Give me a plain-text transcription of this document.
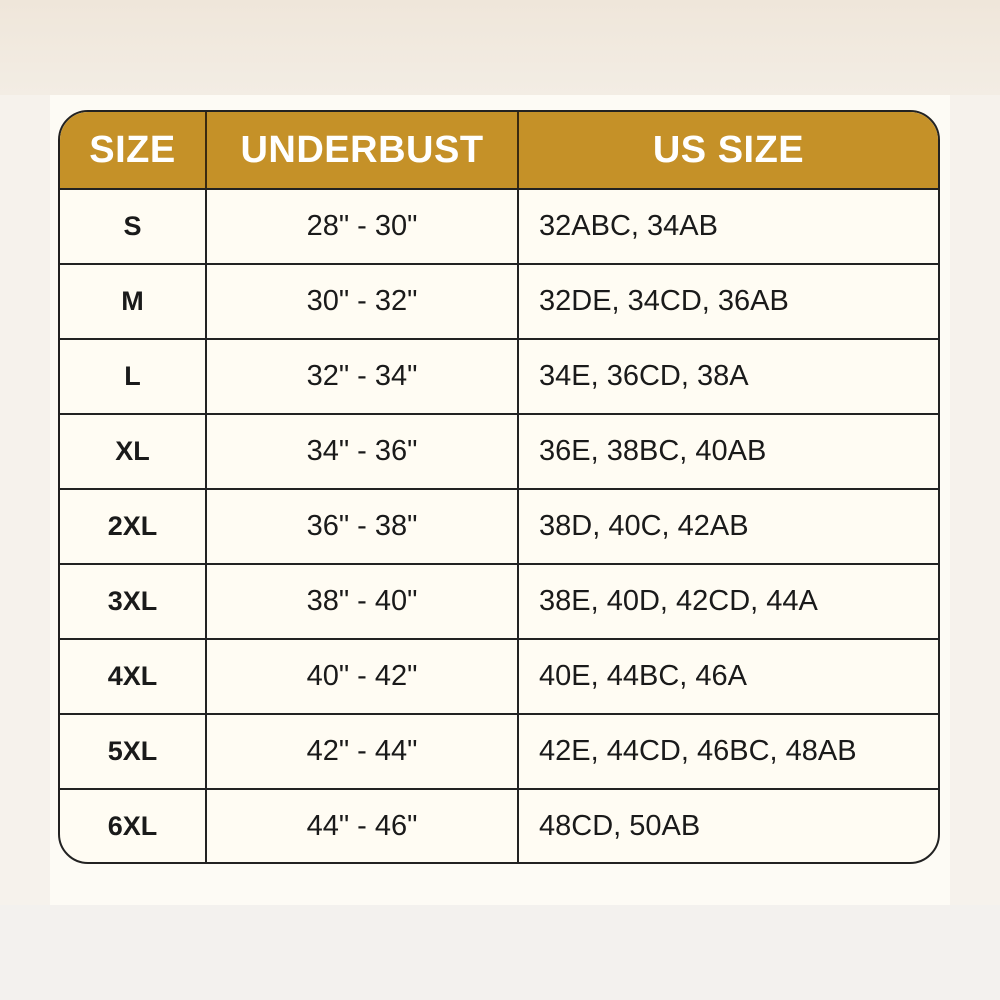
SIZE	UNDERBUST	US SIZE
S	28" - 30"	32ABC, 34AB
M	30" - 32"	32DE, 34CD, 36AB
L	32" - 34"	34E, 36CD, 38A
XL	34" - 36"	36E, 38BC, 40AB
2XL	36" - 38"	38D, 40C, 42AB
3XL	38" - 40"	38E, 40D, 42CD, 44A
4XL	40" - 42"	40E, 44BC, 46A
5XL	42" - 44"	42E, 44CD, 46BC, 48AB
6XL	44" - 46"	48CD, 50AB
